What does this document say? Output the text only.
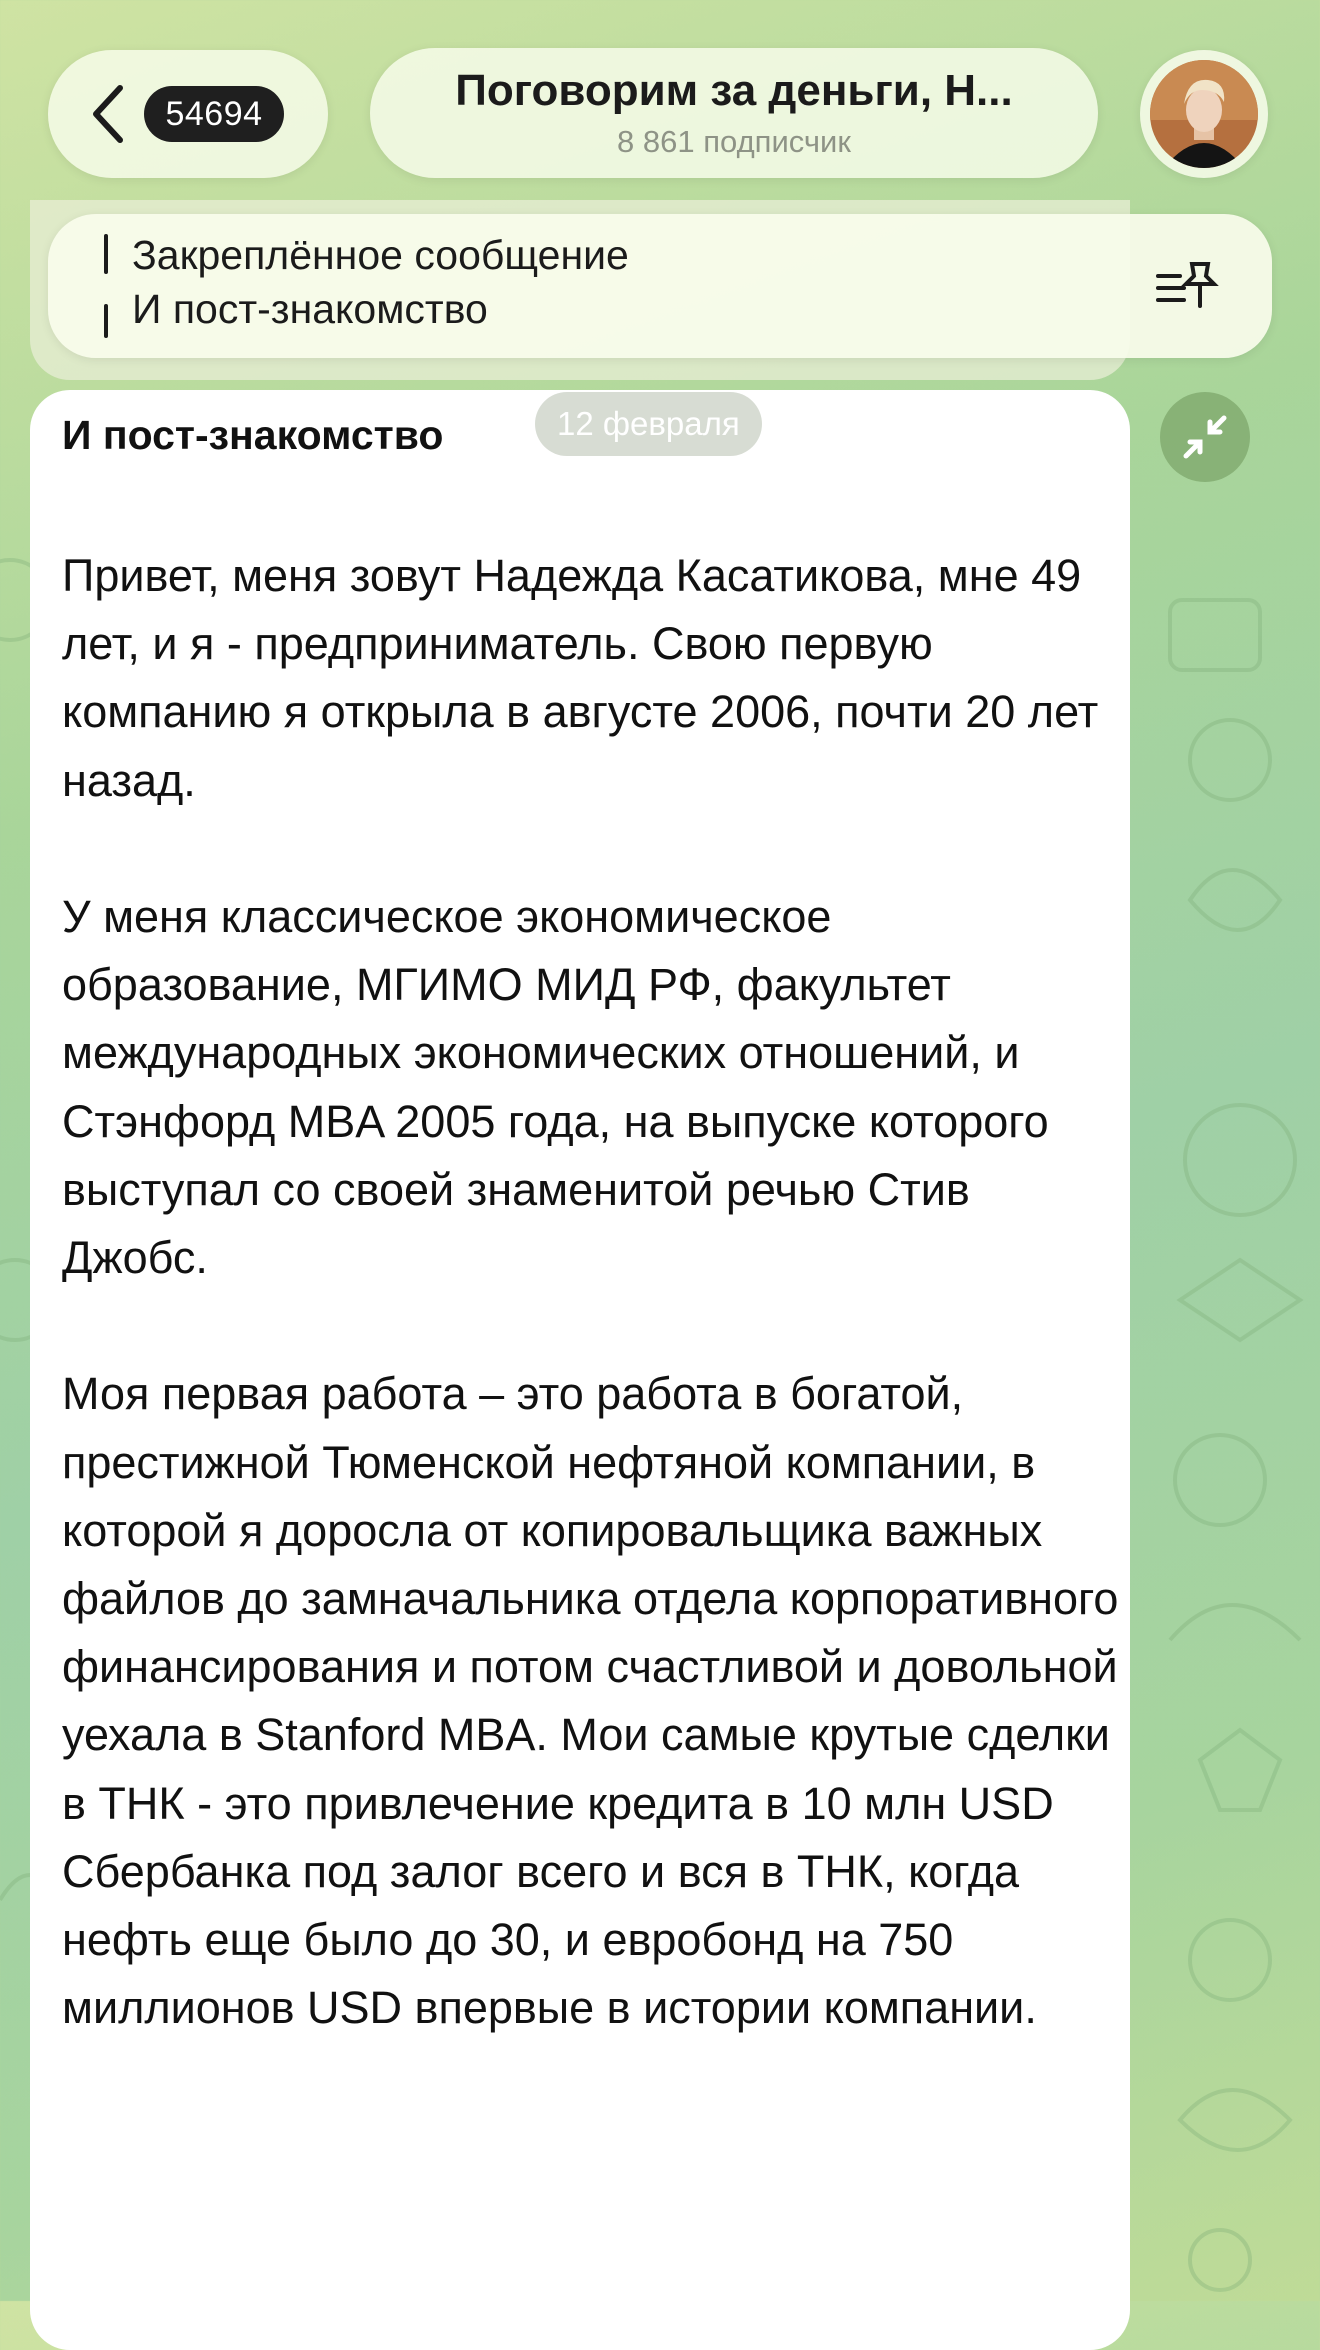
54694	Поговорим за деньги, Н...
8 861 подписчик
Закреплённое сообщение
И пост-знакомство
И пост-знакомство

Привет, меня зовут Надежда Касатикова, мне 49 лет, и я - предприниматель. Свою первую компанию я открыла в августе 2006, почти 20 лет назад.

У меня классическое экономическое образование, МГИМО МИД РФ, факультет международных экономических отношений, и Стэнфорд MBA 2005 года, на выпуске которого выступал со своей знаменитой речью Стив Джобс.

Моя первая работа – это работа в богатой, престижной Тюменской нефтяной компании, в которой я доросла от копировальщика важных файлов до замначальника отдела корпоративного финансирования и потом счастливой и довольной уехала в Stanford MBA. Мои самые крутые сделки в ТНК - это привлечение кредита в 10 млн USD Сбербанка под залог всего и вся в ТНК, когда нефть еще было до 30, и евробонд на 750 миллионов USD впервые в истории компании.

12 февраля
